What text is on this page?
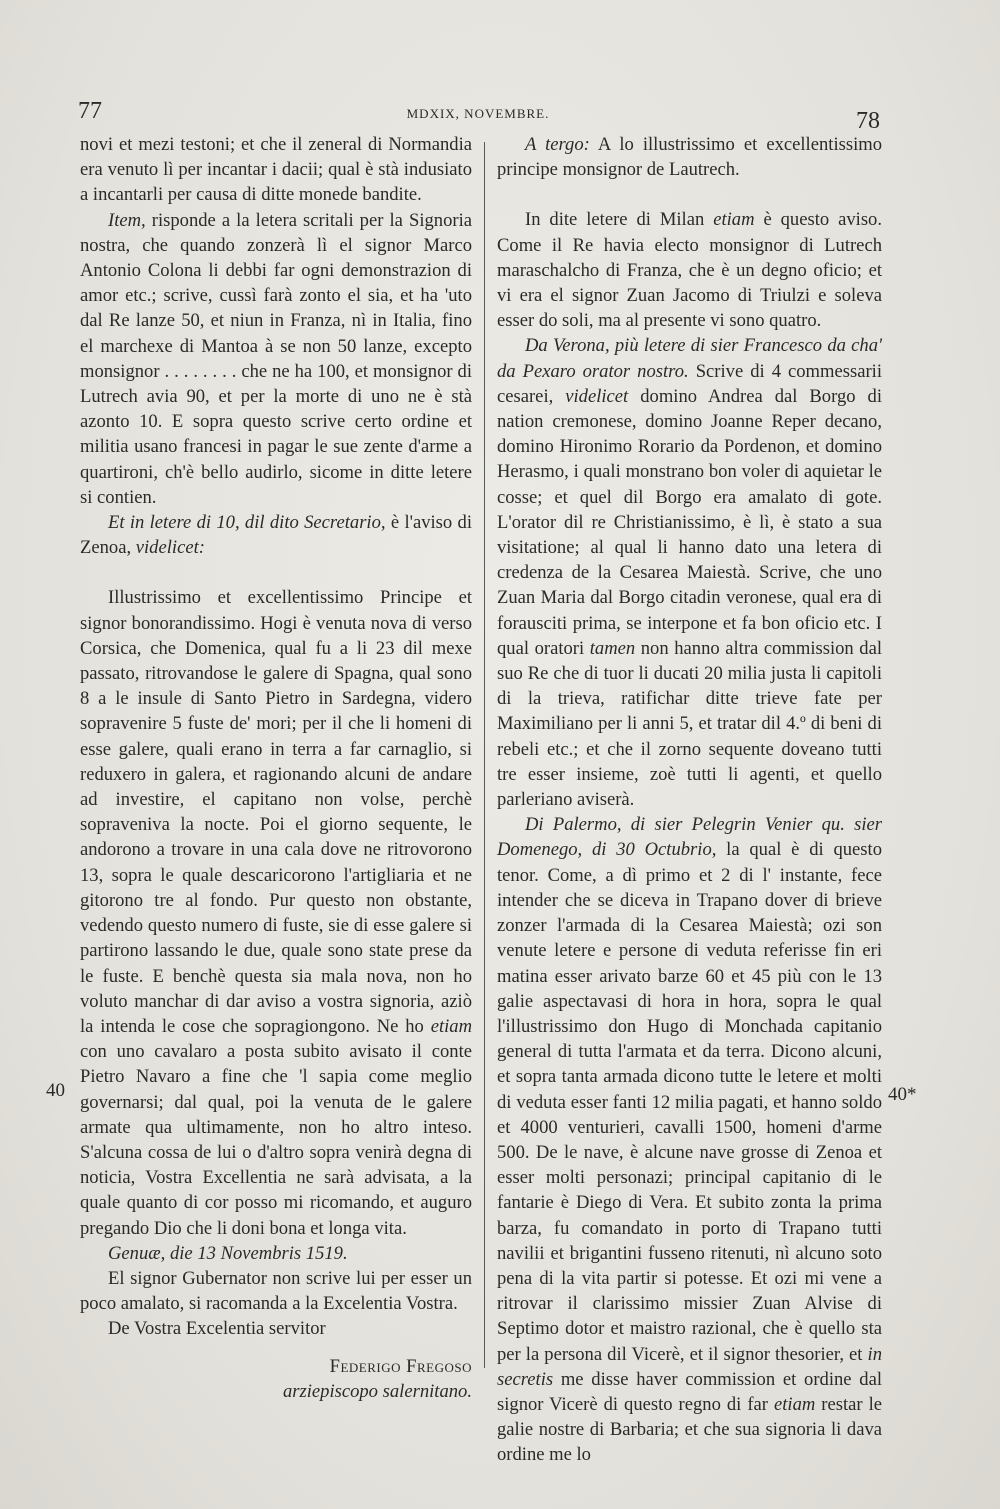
77	MDXIX, NOVEMBRE.	78

novi et mezi testoni; et che il zeneral di Normandia era venuto lì per incantar i dacii; qual è stà indusiato a incantarli per causa di ditte monede bandite.

Item, risponde a la letera scritali per la Signoria nostra, che quando zonzerà lì el signor Marco Antonio Colona li debbi far ogni demonstrazion di amor etc.; scrive, cussì farà zonto el sia, et ha 'uto dal Re lanze 50, et niun in Franza, nì in Italia, fino el marchexe di Mantoa à se non 50 lanze, excepto monsignor . . . . . . . . che ne ha 100, et monsignor di Lutrech avia 90, et per la morte di uno ne è stà azonto 10. E sopra questo scrive certo ordine et militia usano francesi in pagar le sue zente d'arme a quartironi, ch'è bello audirlo, sicome in ditte letere si contien.

Et in letere di 10, dil dito Secretario, è l'aviso di Zenoa, videlicet:

Illustrissimo et excellentissimo Principe et signor bonorandissimo. Hogi è venuta nova di verso Corsica, che Domenica, qual fu a li 23 dil mexe passato, ritrovandose le galere di Spagna, qual sono 8 a le insule di Santo Pietro in Sardegna, videro sopravenire 5 fuste de' mori; per il che li homeni di esse galere, quali erano in terra a far carnaglio, si reduxero in galera, et ragionando alcuni de andare ad investire, el capitano non volse, perchè sopraveniva la nocte. Poi el giorno sequente, le andorono a trovare in una cala dove ne ritrovorono 13, sopra le quale descaricorono l'artigliaria et ne gitorono tre al fondo. Pur questo non obstante, vedendo questo numero di fuste, sie di esse galere si partirono lassando le due, quale sono state prese da le fuste. E benchè questa sia mala nova, non ho voluto manchar di dar aviso a vostra signoria, aziò la intenda le cose che sopragiongono. Ne ho etiam con uno cavalaro a posta subito avisato il conte Pietro Navaro a fine che 'l sapia come meglio governarsi; dal qual, poi la venuta de le galere armate qua ultimamente, non ho altro inteso. S'alcuna cossa de lui o d'altro sopra venirà degna di noticia, Vostra Excellentia ne sarà advisata, a la quale quanto di cor posso mi ricomando, et auguro pregando Dio che li doni bona et longa vita.

Genuæ, die 13 Novembris 1519.

El signor Gubernator non scrive lui per esser un poco amalato, si racomanda a la Excelentia Vostra.

De Vostra Excelentia servitor

Federigo Fregoso

arziepiscopo salernitano.

A tergo: A lo illustrissimo et excellentissimo principe monsignor de Lautrech.

In dite letere di Milan etiam è questo aviso. Come il Re havia electo monsignor di Lutrech maraschalcho di Franza, che è un degno oficio; et vi era el signor Zuan Jacomo di Triulzi e soleva esser do soli, ma al presente vi sono quatro.

Da Verona, più letere di sier Francesco da cha' da Pexaro orator nostro. Scrive di 4 commessarii cesarei, videlicet domino Andrea dal Borgo di nation cremonese, domino Joanne Reper decano, domino Hironimo Rorario da Pordenon, et domino Herasmo, i quali monstrano bon voler di aquietar le cosse; et quel dil Borgo era amalato di gote. L'orator dil re Christianissimo, è lì, è stato a sua visitatione; al qual li hanno dato una letera di credenza de la Cesarea Maiestà. Scrive, che uno Zuan Maria dal Borgo citadin veronese, qual era di forausciti prima, se interpone et fa bon oficio etc. I qual oratori tamen non hanno altra commission dal suo Re che di tuor li ducati 20 milia justa li capitoli di la trieva, ratifichar ditte trieve fate per Maximiliano per li anni 5, et tratar dil 4.º di beni di rebeli etc.; et che il zorno sequente doveano tutti tre esser insieme, zoè tutti li agenti, et quello parleriano aviserà.

Di Palermo, di sier Pelegrin Venier qu. sier Domenego, di 30 Octubrio, la qual è di questo tenor. Come, a dì primo et 2 di l' instante, fece intender che se diceva in Trapano dover di brieve zonzer l'armada di la Cesarea Maiestà; ozi son venute letere e persone di veduta referisse fin eri matina esser arivato barze 60 et 45 più con le 13 galie aspectavasi di hora in hora, sopra le qual l'illustrissimo don Hugo di Monchada capitanio general di tutta l'armata et da terra. Dicono alcuni, et sopra tanta armada dicono tutte le letere et molti di veduta esser fanti 12 milia pagati, et hanno soldo et 4000 venturieri, cavalli 1500, homeni d'arme 500. De le nave, è alcune nave grosse di Zenoa et esser molti personazi; principal capitanio di le fantarie è Diego di Vera. Et subito zonta la prima barza, fu comandato in porto di Trapano tutti navilii et brigantini fusseno ritenuti, nì alcuno soto pena di la vita partir si potesse. Et ozi mi vene a ritrovar il clarissimo missier Zuan Alvise di Septimo dotor et maistro razional, che è quello sta per la persona dil Vicerè, et il signor thesorier, et in secretis me disse haver commission et ordine dal signor Vicerè di questo regno di far etiam restar le galie nostre di Barbaria; et che sua signoria li dava ordine me lo

40	40*
